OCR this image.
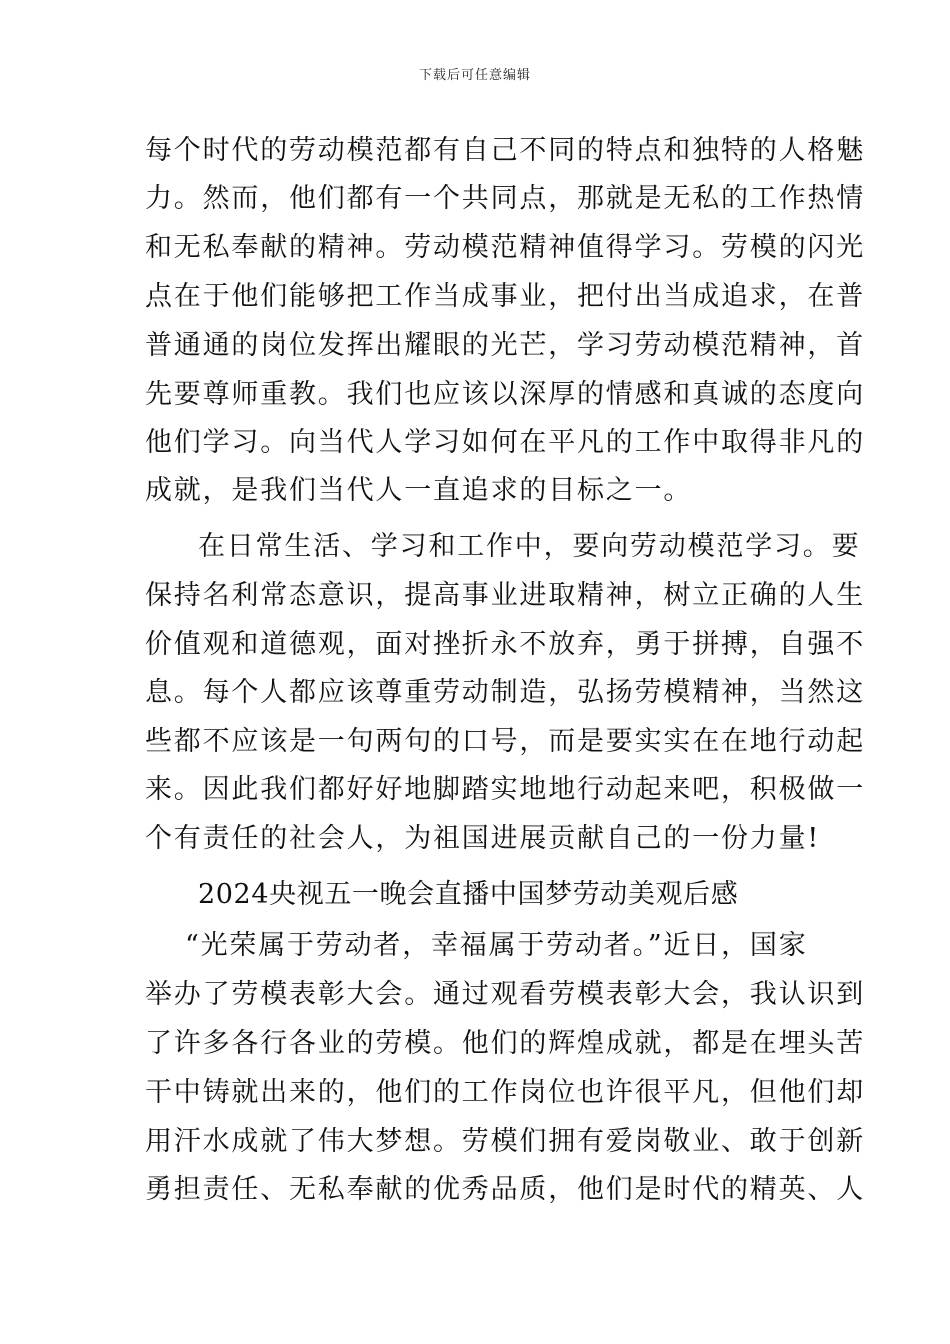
下载后可任意编辑
每个时代的劳动模范都有自己不同的特点和独特的人格魅
力。然而，他们都有一个共同点，那就是无私的工作热情
和无私奉献的精神。劳动模范精神值得学习。劳模的闪光
点在于他们能够把工作当成事业，把付出当成追求，在普
普通通的岗位发挥出耀眼的光芒，学习劳动模范精神，首
先要尊师重教。我们也应该以深厚的情感和真诚的态度向
他们学习。向当代人学习如何在平凡的工作中取得非凡的
成就，是我们当代人一直追求的目标之一。
在日常生活、学习和工作中，要向劳动模范学习。要
保持名利常态意识，提高事业进取精神，树立正确的人生
价值观和道德观，面对挫折永不放弃，勇于拼搏，自强不
息。每个人都应该尊重劳动制造，弘扬劳模精神，当然这
些都不应该是一句两句的口号，而是要实实在在地行动起
来。因此我们都好好地脚踏实地地行动起来吧，积极做一
个有责任的社会人，为祖国进展贡献自己的一份力量!
2024央视五一晚会直播中国梦劳动美观后感
“光荣属于劳动者，幸福属于劳动者。”近日，国家
举办了劳模表彰大会。通过观看劳模表彰大会，我认识到
了许多各行各业的劳模。他们的辉煌成就，都是在埋头苦
干中铸就出来的，他们的工作岗位也许很平凡，但他们却
用汗水成就了伟大梦想。劳模们拥有爱岗敬业、敢于创新
勇担责任、无私奉献的优秀品质，他们是时代的精英、人
